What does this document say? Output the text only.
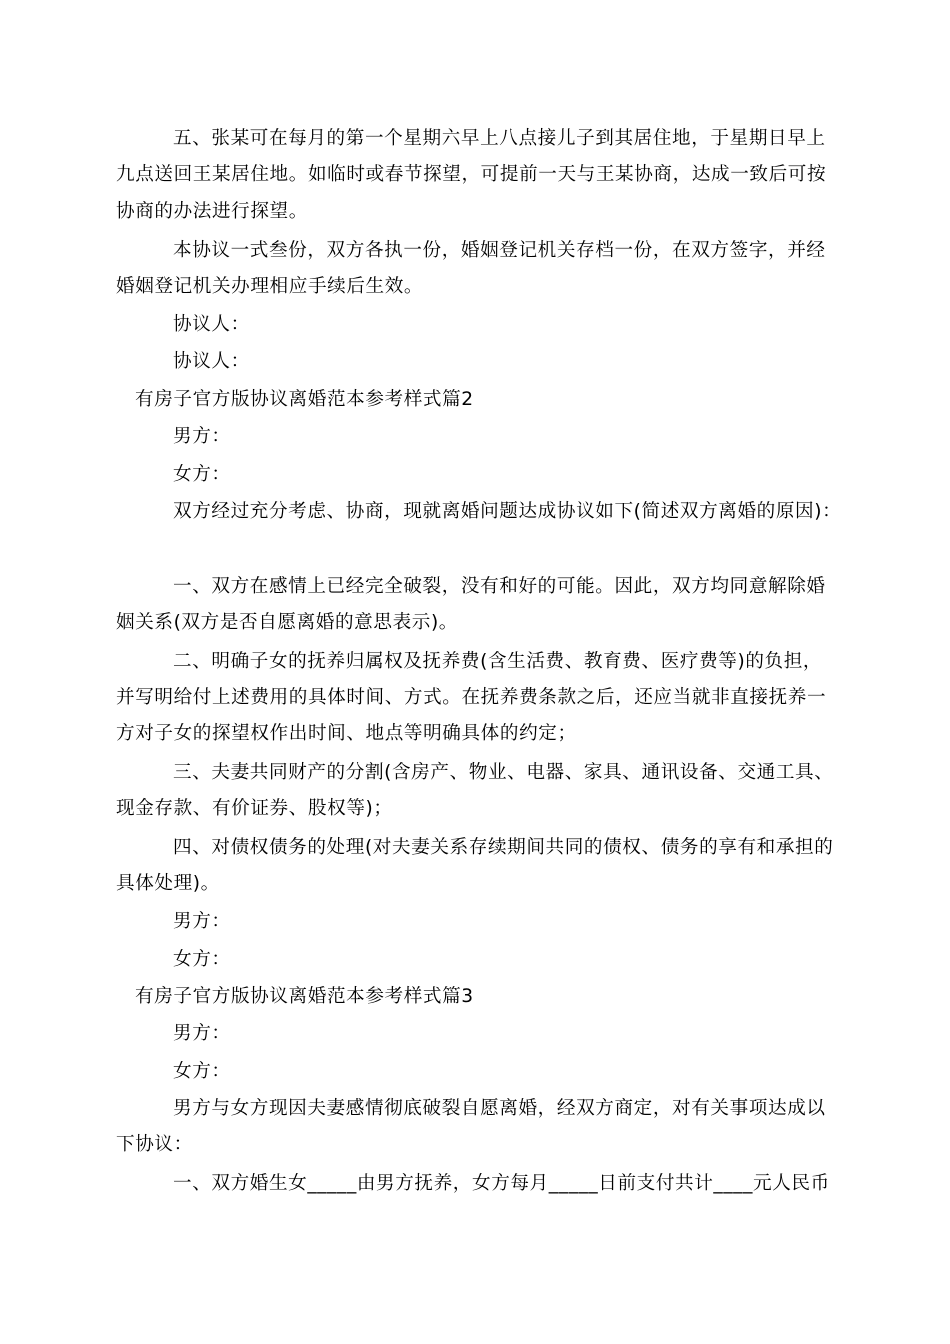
五、张某可在每月的第一个星期六早上八点接儿子到其居住地，于星期日早上
九点送回王某居住地。如临时或春节探望，可提前一天与王某协商，达成一致后可按
协商的办法进行探望。
本协议一式叁份，双方各执一份，婚姻登记机关存档一份，在双方签字，并经
婚姻登记机关办理相应手续后生效。
协议人：
协议人：
有房子官方版协议离婚范本参考样式篇2
男方：
女方：
双方经过充分考虑、协商，现就离婚问题达成协议如下(简述双方离婚的原因)：
一、双方在感情上已经完全破裂，没有和好的可能。因此，双方均同意解除婚
姻关系(双方是否自愿离婚的意思表示)。
二、明确子女的抚养归属权及抚养费(含生活费、教育费、医疗费等)的负担，
并写明给付上述费用的具体时间、方式。在抚养费条款之后，还应当就非直接抚养一
方对子女的探望权作出时间、地点等明确具体的约定；
三、夫妻共同财产的分割(含房产、物业、电器、家具、通讯设备、交通工具、
现金存款、有价证券、股权等)；
四、对债权债务的处理(对夫妻关系存续期间共同的债权、债务的享有和承担的
具体处理)。
男方：
女方：
有房子官方版协议离婚范本参考样式篇3
男方：
女方：
男方与女方现因夫妻感情彻底破裂自愿离婚，经双方商定，对有关事项达成以
下协议：
一、双方婚生女_____由男方抚养，女方每月_____日前支付共计____元人民币
